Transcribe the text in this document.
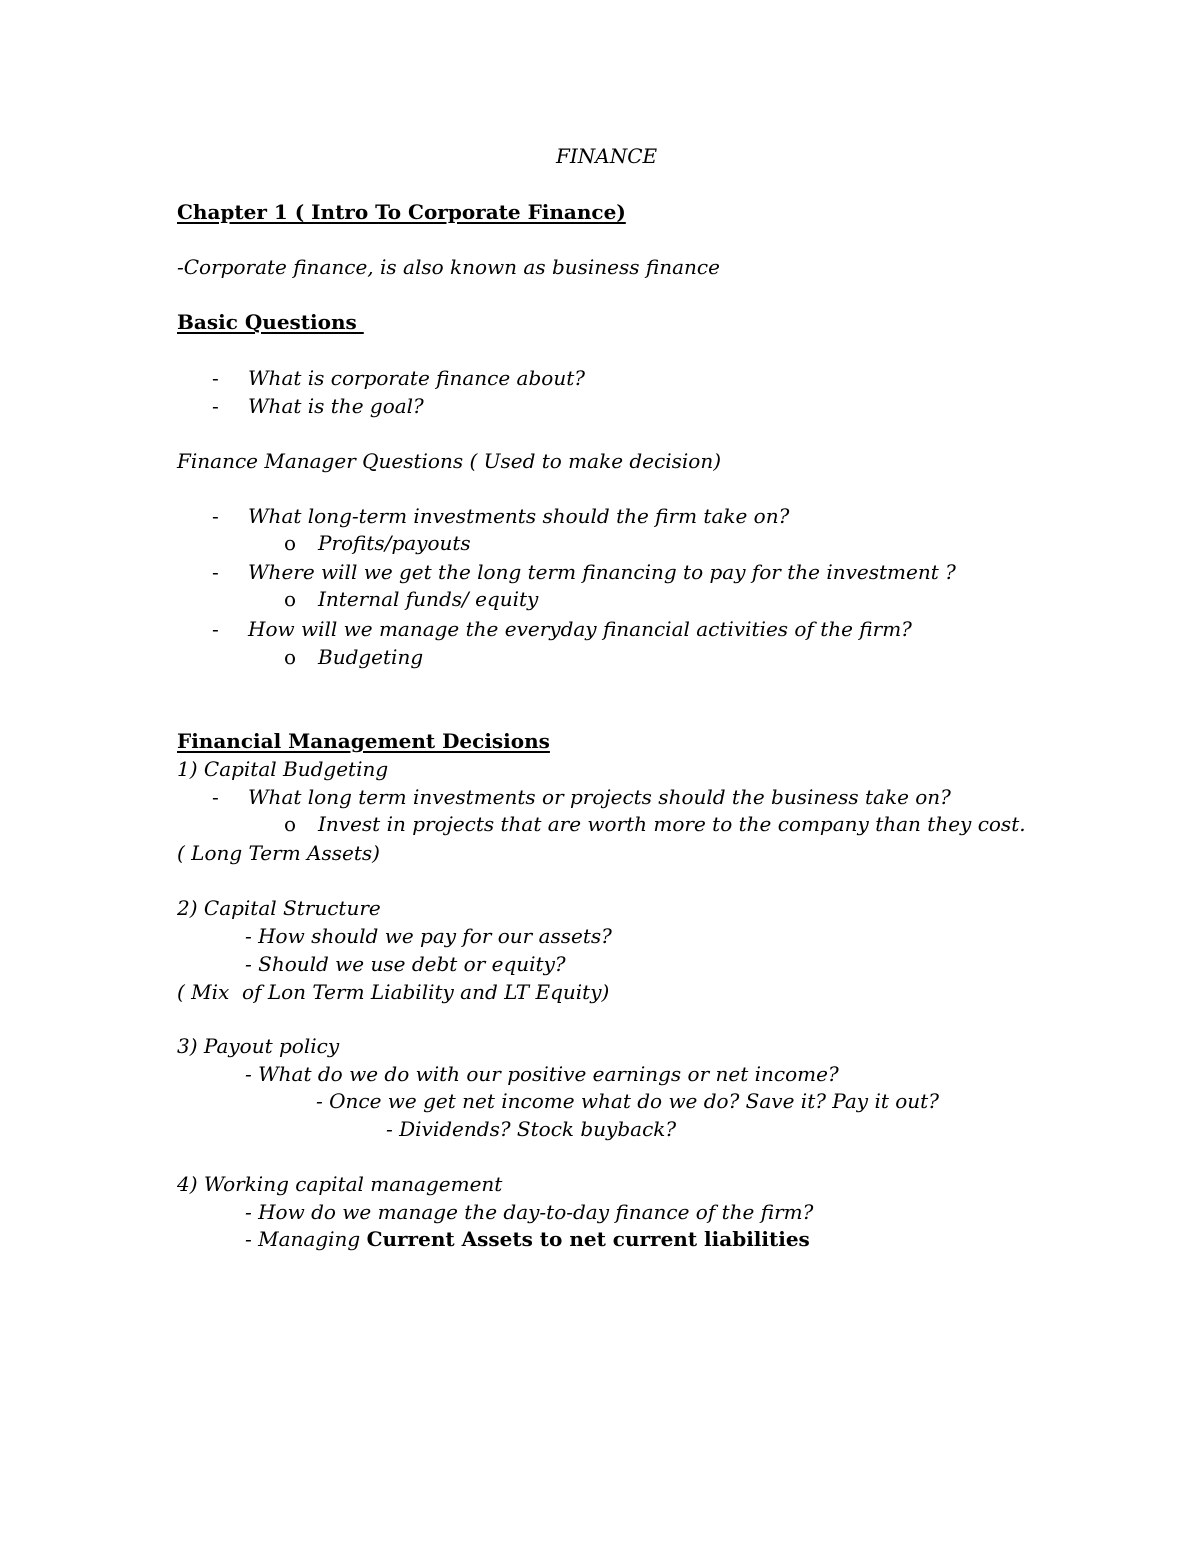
FINANCE
Chapter 1 ( Intro To Corporate Finance)
-Corporate finance, is also known as business finance
Basic Questions
- What is corporate finance about?
- What is the goal?
Finance Manager Questions ( Used to make decision)
- What long-term investments should the firm take on?
o Profits/payouts
- Where will we get the long term financing to pay for the investment ?
o Internal funds/ equity
- How will we manage the everyday financial activities of the firm?
o Budgeting
Financial Management Decisions
1) Capital Budgeting
- What long term investments or projects should the business take on?
o Invest in projects that are worth more to the company than they cost.
( Long Term Assets)
2) Capital Structure
- How should we pay for our assets?
- Should we use debt or equity?
( Mix  of Lon Term Liability and LT Equity)
3) Payout policy
- What do we do with our positive earnings or net income?
- Once we get net income what do we do? Save it? Pay it out?
- Dividends? Stock buyback?
4) Working capital management
- How do we manage the day-to-day finance of the firm?
- Managing Current Assets to net current liabilities
